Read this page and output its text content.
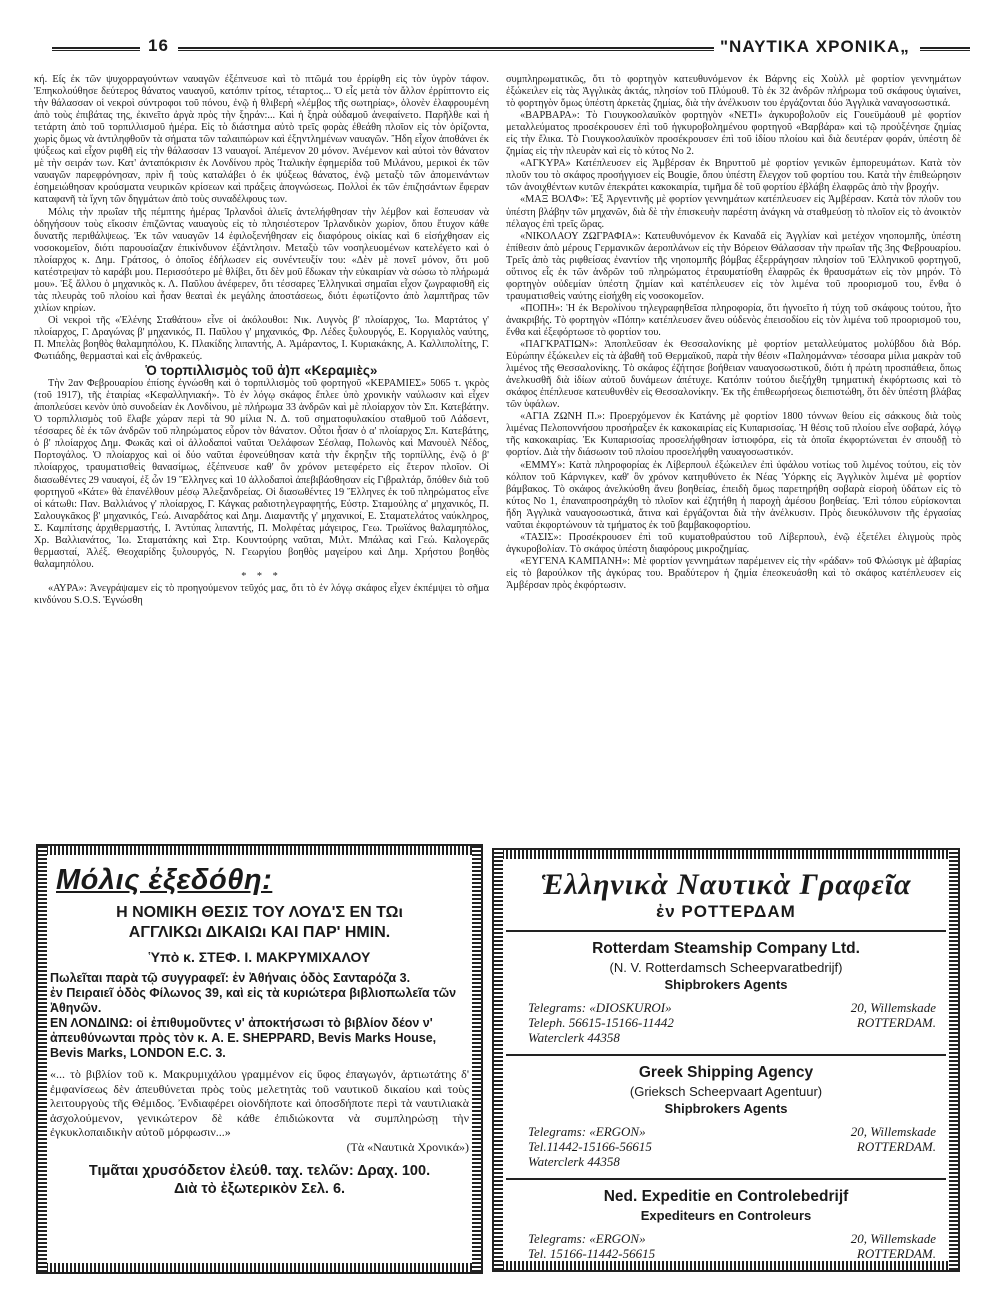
16	"ΝΑΥΤΙΚΑ ΧΡΟΝΙΚΑ„

κή. Εἷς ἐκ τῶν ψυχορραγούντων ναυαγῶν ἐξέπνευσε καὶ τὸ πτῶμά του ἐρρίφθη εἰς τὸν ὑγρὸν τάφον. Ἐπηκολούθησε δεύτερος θάνατος ναυαγοῦ, κατόπιν τρίτος, τέταρτος... Ὁ εἷς μετὰ τὸν ἄλλον ἐρρίπτοντο εἰς τὴν θάλασσαν οἱ νεκροὶ σύντροφοι τοῦ πόνου, ἐνῷ ἡ θλιβερὴ «λέμβος τῆς σωτηρίας», ὁλονὲν ἐλαφρουμένη ἀπὸ τοὺς ἐπιβάτας της, ἐκινεῖτο ἀργὰ πρὸς τὴν ξηράν:... Καὶ ἡ ξηρὰ οὐδαμοῦ ἀνεφαίνετο. Παρῆλθε καὶ ἡ τετάρτη ἀπὸ τοῦ τορπιλλισμοῦ ἡμέρα. Εἰς τὸ διάστημα αὐτὸ τρεῖς φορὰς ἐθεάθη πλοῖον εἰς τὸν ὁρίζοντα, χωρὶς ὅμως νὰ ἀντιληφθοῦν τὰ σήματα τῶν ταλαιπώρων καὶ ἐξηντλημένων ναυαγῶν. Ἤδη εἶχον ἀποθάνει ἐκ ψύξεως καὶ εἶχον ριφθῆ εἰς τὴν θάλασσαν 13 ναυαγοί. Ἀπέμενον 20 μόνον. Ἀνέμενον καὶ αὐτοὶ τὸν θάνατον μὲ τὴν σειράν των. Κατ' ἀνταπόκρισιν ἐκ Λονδίνου πρὸς Ἰταλικὴν ἐφημερίδα τοῦ Μιλάνου, μερικοὶ ἐκ τῶν ναυαγῶν παρεφρόνησαν, πρὶν ἢ τοὺς καταλάβει ὁ ἐκ ψύξεως θάνατος, ἐνῷ μεταξὺ τῶν ἀπομεινάντων ἐσημειώθησαν κρούσματα νευρικῶν κρίσεων καὶ πράξεις ἀπογνώσεως. Πολλοὶ ἐκ τῶν ἐπιζησάντων ἔφεραν καταφανῆ τὰ ἴχνη τῶν δηγμάτων ἀπὸ τοὺς συναδέλφους των.

Μόλις τὴν πρωΐαν τῆς πέμπτης ἡμέρας Ἰρλανδοὶ ἁλιεῖς ἀντελήφθησαν τὴν λέμβον καὶ ἔσπευσαν νὰ ὁδηγήσουν τοὺς εἴκοσιν ἐπιζῶντας ναυαγοὺς εἰς τὸ πλησιέστερον Ἰρλανδικὸν χωρίον, ὅπου ἔτυχον κάθε δυνατῆς περιθάλψεως. Ἐκ τῶν ναυαγῶν 14 ἐφιλοξενήθησαν εἰς διαφόρους οἰκίας καὶ 6 εἰσήχθησαν εἰς νοσοκομεῖον, διότι παρουσίαζαν ἐπικίνδυνον ἐξάντλησιν. Μεταξὺ τῶν νοσηλευομένων κατελέγετο καὶ ὁ πλοίαρχος κ. Δημ. Γράτσος, ὁ ὁποῖος ἐδήλωσεν εἰς συνέντευξίν του: «Δὲν μὲ πονεῖ μόνον, ὅτι μοῦ κατέστρεψαν τὸ καράβι μου. Περισσότερο μὲ θλίβει, ὅτι δὲν μοῦ ἔδωκαν τὴν εὐκαιρίαν νὰ σώσω τὸ πλήρωμά μου». Ἐξ ἄλλου ὁ μηχανικὸς κ. Λ. Παῦλου ἀνέφερεν, ὅτι τέσσαρες Ἑλληνικαὶ σημαῖαι εἶχον ζωγραφισθῆ εἰς τὰς πλευρὰς τοῦ πλοίου καὶ ἦσαν θεαταὶ ἐκ μεγάλης ἀποστάσεως, διότι ἐφωτίζοντο ἀπὸ λαμπτῆρας τῶν χιλίων κηρίων.

Οἱ νεκροὶ τῆς «Ἑλένης Σταθάτου» εἶνε οἱ ἀκόλουθοι: Νικ. Λυγνὸς β' πλοίαρχος, Ἰω. Μαρτάτος γ' πλοίαρχος, Γ. Δραγώνας β' μηχανικός, Π. Παῦλου γ' μηχανικός, Φρ. Λέδες ξυλουργός, Ε. Κοργιαλὸς ναύτης, Π. Μπελὰς βοηθὸς θαλαμηπόλου, Κ. Πλακίδης λιπαντής, Α. Ἀμάραντος, Ι. Κυριακάκης, Α. Καλλιπολίτης, Γ. Φωτιάδης, θερμασταὶ καὶ εἷς ἀνθρακεύς.

Ὁ τορπιλλισμὸς τοῦ ἀ)π «Κεραμιὲς»

Τὴν 2αν Φεβρουαρίου ἐπίσης ἐγνώσθη καὶ ὁ τορπιλλισμὸς τοῦ φορτηγοῦ «ΚΕΡΑΜΙΕΣ» 5065 τ. γκρὸς (τοῦ 1917), τῆς ἑταιρίας «Κεφαλληνιακή». Τὸ ἐν λόγῳ σκάφος ἔπλεε ὑπὸ χρονικὴν ναύλωσιν καὶ εἶχεν ἀποπλεύσει κενὸν ὑπὸ συνοδείαν ἐκ Λονδίνου, μὲ πλήρωμα 33 ἀνδρῶν καὶ μὲ πλοίαρχον τὸν Σπ. Κατεβάτην. Ὁ τορπιλλισμὸς τοῦ ἔλαβε χώραν περὶ τὰ 90 μίλια Ν. Δ. τοῦ σηματοφυλακίου σταθμοῦ τοῦ Λάδσεντ, τέσσαρες δὲ ἐκ τῶν ἀνδρῶν τοῦ πληρώματος εὗρον τὸν θάνατον. Οὗτοι ἦσαν ὁ α' πλοίαρχος Σπ. Κατεβάτης, ὁ β' πλοίαρχος Δημ. Φωκᾶς καὶ οἱ ἀλλοδαποὶ ναῦται Ὀελάφσων Σέσλαφ, Πολωνὸς καὶ Μανουὲλ Νέδος, Πορτογάλος. Ὁ πλοίαρχος καὶ οἱ δύο ναῦται ἐφονεύθησαν κατὰ τὴν ἔκρηξιν τῆς τορπίλλης, ἐνῷ ὁ β' πλοίαρχος, τραυματισθεὶς θανασίμως, ἐξέπνευσε καθ' ὃν χρόνον μετεφέρετο εἰς ἕτερον πλοῖον. Οἱ διασωθέντες 29 ναυαγοί, ἐξ ὧν 19 Ἕλληνες καὶ 10 ἀλλοδαποὶ ἀπεβιβάσθησαν εἰς Γιβραλτάρ, ὅπόθεν διὰ τοῦ φορτηγοῦ «Κάτε» θὰ ἐπανέλθουν μέσῳ Ἀλεξανδρείας. Οἱ διασωθέντες 19 Ἕλληνες ἐκ τοῦ πληρώματος εἶνε οἱ κάτωθι: Παν. Βαλλιάνος γ' πλοίαρχος, Γ. Κάγκας ραδιοτηλεγραφητής, Εὐστρ. Σταμούλης α' μηχανικός, Π. Σαλουγκᾶκος β' μηχανικός, Γεώ. Αιναρδάτος καὶ Δημ. Διαμαντῆς γ' μηχανικοί, Ε. Σταματελάτος ναύκληρος, Σ. Καμπίτσης ἀρχιθερμαστής, Ι. Ἀντύπας λιπαντής, Π. Μολφέτας μάγειρος, Γεω. Τρωϊάνος θαλαμηπόλος, Χρ. Βαλλιανάτος, Ἰω. Σταματάκης καὶ Στρ. Κουντούρης ναῦται, Μιλτ. Μπάλας καὶ Γεώ. Καλογερᾶς θερμασταί, Ἀλέξ. Θεοχαρίδης ξυλουργός, Ν. Γεωργίου βοηθὸς μαγείρου καὶ Δημ. Χρήστου βοηθὸς θαλαμηπόλου.

* * *

«ΑΥΡΑ»: Ἀνεγράψαμεν εἰς τὸ προηγούμενον τεῦχός μας, ὅτι τὸ ἐν λόγῳ σκάφος εἶχεν ἐκπέμψει τὸ σῆμα κινδύνου S.O.S. Ἐγνώσθη

συμπληρωματικῶς, ὅτι τὸ φορτηγὸν κατευθυνόμενον ἐκ Βάρνης εἰς Χοὺλλ μὲ φορτίον γεννημάτων ἐξώκειλεν εἰς τὰς Ἀγγλικὰς ἀκτάς, πλησίον τοῦ Πλύμουθ. Τὸ ἐκ 32 ἀνδρῶν πλήρωμα τοῦ σκάφους ὑγιαίνει, τὸ φορτηγὸν ὅμως ὑπέστη ἀρκετὰς ζημίας, διὰ τὴν ἀνέλκυσιν του ἐργάζονται δύο Ἀγγλικὰ ναναγοσωστικά.

«ΒΑΡΒΑΡΑ»: Τὸ Γιουγκοσλαυϊκὸν φορτηγὸν «ΝΕΤΙ» ἀγκυροβολοῦν εἰς Γουεϋμάουθ μὲ φορτίον μεταλλεύματος προσέκρουσεν ἐπὶ τοῦ ἠγκυροβολημένου φορτηγοῦ «Βαρβάρα» καὶ τῷ προὐξένησε ζημίας εἰς τὴν ἔλικα. Τὸ Γιουγκοσλαυϊκὸν προσέκρουσεν ἐπὶ τοῦ ἰδίου πλοίου καὶ διὰ δευτέραν φοράν, ὑπέστη δὲ ζημίας εἰς τὴν πλευρὰν καὶ εἰς τὸ κύτος Νο 2.

«ΑΓΚΥΡΑ» Κατέπλευσεν εἰς Ἀμβέρσαν ἐκ Βηρυττοῦ μὲ φορτίον γενικῶν ἐμπορευμάτων. Κατὰ τὸν πλοῦν του τὸ σκάφος προσήγγισεν εἰς Bougie, ὅπου ὑπέστη ἔλεγχον τοῦ φορτίου του. Κατὰ τὴν ἐπιθεώρησιν τῶν ἀνοιχθέντων κυτῶν ἐπεκράτει κακοκαιρία, τιμῆμα δὲ τοῦ φορτίου ἐβλάβη ἐλαφρῶς ἀπὸ τὴν βροχήν.

«ΜΑΞ ΒΟΛΦ»: Ἐξ Ἀργεντινῆς μὲ φορτίον γεννημάτων κατέπλευσεν εἰς Ἀμβέρσαν. Κατὰ τὸν πλοῦν του ὑπέστη βλάβην τῶν μηχανῶν, διὰ δὲ τὴν ἐπισκευὴν παρέστη ἀνάγκη νὰ σταθμεύσῃ τὸ πλοῖον εἰς τὸ ἀνοικτὸν πέλαγος ἐπὶ τρεῖς ὥρας.

«ΝΙΚΟΛΑΟΥ ΖΩΓΡΑΦΙΑ»: Κατευθυνόμενον ἐκ Καναδᾶ εἰς Ἀγγλίαν καὶ μετέχον νηοπομπῆς, ὑπέστη ἐπίθεσιν ἀπὸ μέρους Γερμανικῶν ἀεροπλάνων εἰς τὴν Βόρειον Θάλασσαν τὴν πρωΐαν τῆς 3ης Φεβρουαρίου. Τρεῖς ἀπὸ τὰς ριφθείσας ἐναντίον τῆς νηοπομπῆς βόμβας ἐξερράγησαν πλησίον τοῦ Ἑλληνικοῦ φορτηγοῦ, οὕτινος εἷς ἐκ τῶν ἀνδρῶν τοῦ πληρώματος ἐτραυματίσθη ἐλαφρῶς ἐκ θραυσμάτων εἰς τὸν μηρόν. Τὸ φορτηγὸν οὐδεμίαν ὑπέστη ζημίαν καὶ κατέπλευσεν εἰς τὸν λιμένα τοῦ προορισμοῦ του, ἔνθα ὁ τραυματισθεὶς ναύτης εἰσήχθη εἰς νοσοκομεῖον.

«ΠΟΠΗ»: Ἡ ἐκ Βερολίνου τηλεγραφηθεῖσα πληροφορία, ὅτι ἠγνοεῖτο ἡ τύχη τοῦ σκάφους τούτου, ἦτο ἀνακριβής. Τὸ φορτηγὸν «Πόπη» κατέπλευσεν ἄνευ οὐδενὸς ἐπεισοδίου εἰς τὸν λιμένα τοῦ προορισμοῦ του, ἔνθα καὶ ἐξεφόρτωσε τὸ φορτίον του.

«ΠΑΓΚΡΑΤΙΩΝ»: Ἀποπλεῦσαν ἐκ Θεσσαλονίκης μὲ φορτίον μεταλλεύματος μολύβδου διὰ Βόρ. Εὐρώπην ἐξώκειλεν εἰς τὰ ἀβαθῆ τοῦ Θερμαϊκοῦ, παρὰ τὴν θέσιν «Παληομάννα» τέσσαρα μίλια μακρὰν τοῦ λιμένος τῆς Θεσσαλονίκης. Τὸ σκάφος ἐζήτησε βοήθειαν ναυαγοσωστικοῦ, διότι ἡ πρώτη προσπάθεια, ὅπως ἀνελκυσθῆ διὰ ἰδίων αὐτοῦ δυνάμεων ἀπέτυχε. Κατόπιν τούτου διεξήχθη τμηματικὴ ἐκφόρτωσις καὶ τὸ σκάφος ἐπέπλευσε κατευθυνθὲν εἰς Θεσσαλονίκην. Ἐκ τῆς ἐπιθεωρήσεως διεπιστώθη, ὅτι δὲν ὑπέστη βλάβας τῶν ὑφάλων.

«ΑΓΙΑ ΖΩΝΗ Π.»: Προερχόμενον ἐκ Κατάνης μὲ φορτίον 1800 τόννων θείου εἰς σάκκους διὰ τοὺς λιμένας Πελοποννήσου προσήραξεν ἐκ κακοκαιρίας εἰς Κυπαρισσίας. Ἡ θέσις τοῦ πλοίου εἶνε σοβαρά, λόγῳ τῆς κακοκαιρίας. Ἐκ Κυπαρισσίας προσελήφθησαν ἰστιοφόρα, εἰς τὰ ὁποῖα ἐκφορτώνεται ἐν σπουδῇ τὸ φορτίον. Διὰ τὴν διάσωσιν τοῦ πλοίου προσελήφθη ναυαγοσωστικόν.

«ΕΜΜΥ»: Κατὰ πληροφορίας ἐκ Λίβερπουλ ἐξώκειλεν ἐπὶ ὑφάλου νοτίως τοῦ λιμένος τούτου, εἰς τὸν κόλπον τοῦ Κάρνιγκεν, καθ' ὃν χρόνον κατηυθύνετο ἐκ Νέας Ὑόρκης εἰς Ἀγγλικὸν λιμένα μὲ φορτίον βάμβακος. Τὸ σκάφος ἀνελκύσθη ἄνευ βοηθείας, ἐπειδὴ ὅμως παρετηρήθη σοβαρὰ εἰσροὴ ὑδάτων εἰς τὸ κύτος Νο 1, ἐπαναπροσηράχθη τὸ πλοῖον καὶ ἐζητήθη ἡ παροχὴ ἀμέσου βοηθείας. Ἐπὶ τόπου εὑρίσκονται ἤδη Ἀγγλικὰ ναυαγοσωστικά, ἅτινα καὶ ἐργάζονται διὰ τὴν ἀνέλκυσιν. Πρὸς διευκόλυνσιν τῆς ἐργασίας ναῦται ἐκφορτώνουν τὰ τμήματος ἐκ τοῦ βαμβακοφορτίου.

«ΤΑΣΙΣ»: Προσέκρουσεν ἐπὶ τοῦ κυματοθραύστου τοῦ Λίβερπουλ, ἐνῷ ἐξετέλει ἐλιγμοὺς πρὸς ἀγκυροβολίαν. Τὸ σκάφος ὑπέστη διαφόρους μικροζημίας.

«ΕΥΓΕΝΑ ΚΑΜΠΑΝΗ»: Μὲ φορτίον γεννημάτων παρέμεινεν εἰς τὴν «ράδαν» τοῦ Φλώσιγκ μὲ ἀβαρίας εἰς τὸ βαρούλκον τῆς ἀγκύρας του. Βραδύτερον ἡ ζημία ἐπεσκευάσθη καὶ τὸ σκάφος κατέπλευσεν εἰς Ἀμβέρσαν πρὸς ἐκφόρτωσιν.

Μόλις ἐξεδόθη:
Η ΝΟΜΙΚΗ ΘΕΣΙΣ ΤΟΥ ΛΟΥΔ'Σ ΕΝ ΤΩι
ΑΓΓΛΙΚΩι ΔΙΚΑΙΩι ΚΑΙ ΠΑΡ' ΗΜΙΝ.
Ὑπὸ κ. ΣΤΕΦ. Ι. ΜΑΚΡΥΜΙΧΑΛΟΥ
Πωλεῖται παρὰ τῷ συγγραφεῖ: ἐν Ἀθήναις ὁδὸς Σανταρόζα 3.
ἐν Πειραιεῖ ὁδὸς Φίλωνος 39, καὶ εἰς τὰ κυριώτερα βιβλιοπωλεῖα τῶν Ἀθηνῶν.
ΕΝ ΛΟΝΔΙΝΩ: οἱ ἐπιθυμοῦντες ν' ἀποκτήσωσι τὸ βιβλίον δέον ν' ἀπευθύνωνται πρὸς τὸν κ. A. E. SHEPPARD, Bevis Marks House, Bevis Marks, LONDON E.C. 3.
«... τὸ βιβλίον τοῦ κ. Μακρυμιχάλου γραμμένον εἰς ὕφος ἐπαγωγόν, ἀρτιωτάτης δ' ἐμφανίσεως δὲν ἀπευθύνεται πρὸς τοὺς μελετητὰς τοῦ ναυτικοῦ δικαίου καὶ τοὺς λειτουργοὺς τῆς Θέμιδος. Ἐνδιαφέρει οἱονδήποτε καὶ ὁποσδήποτε περὶ τὰ ναυτιλιακὰ ἀσχολούμενον, γενικώτερον δὲ κάθε ἐπιδιώκοντα νὰ συμπληρώσῃ τὴν ἐγκυκλοπαιδικὴν αὐτοῦ μόρφωσιν...»
(Τὰ «Ναυτικὰ Χρονικά»)
Τιμᾶται χρυσόδετον ἐλεύθ. ταχ. τελῶν: Δραχ. 100.
Διὰ τὸ ἐξωτερικὸν Σελ. 6.
Ἑλληνικὰ Ναυτικὰ Γραφεῖα
ἐν ΡΟΤΤΕΡΔΑΜ
Rotterdam Steamship Company Ltd.
(N. V. Rotterdamsch Scheepvaratbedrijf)
Shipbrokers Agents
Telegrams: «DIOSKUROI»
Teleph. 56615-15166-11442
Waterclerk 44358
20, Willemskade
ROTTERDAM.
Greek Shipping Agency
(Grieksch Scheepvaart Agentuur)
Shipbrokers Agents
Telegrams: «ERGON»
Tel.11442-15166-56615
Waterclerk 44358
20, Willemskade
ROTTERDAM.
Ned. Expeditie en Controlebedrijf
Expediteurs en Controleurs
Telegrams: «ERGON»
Tel. 15166-11442-56615
20, Willemskade
ROTTERDAM.
